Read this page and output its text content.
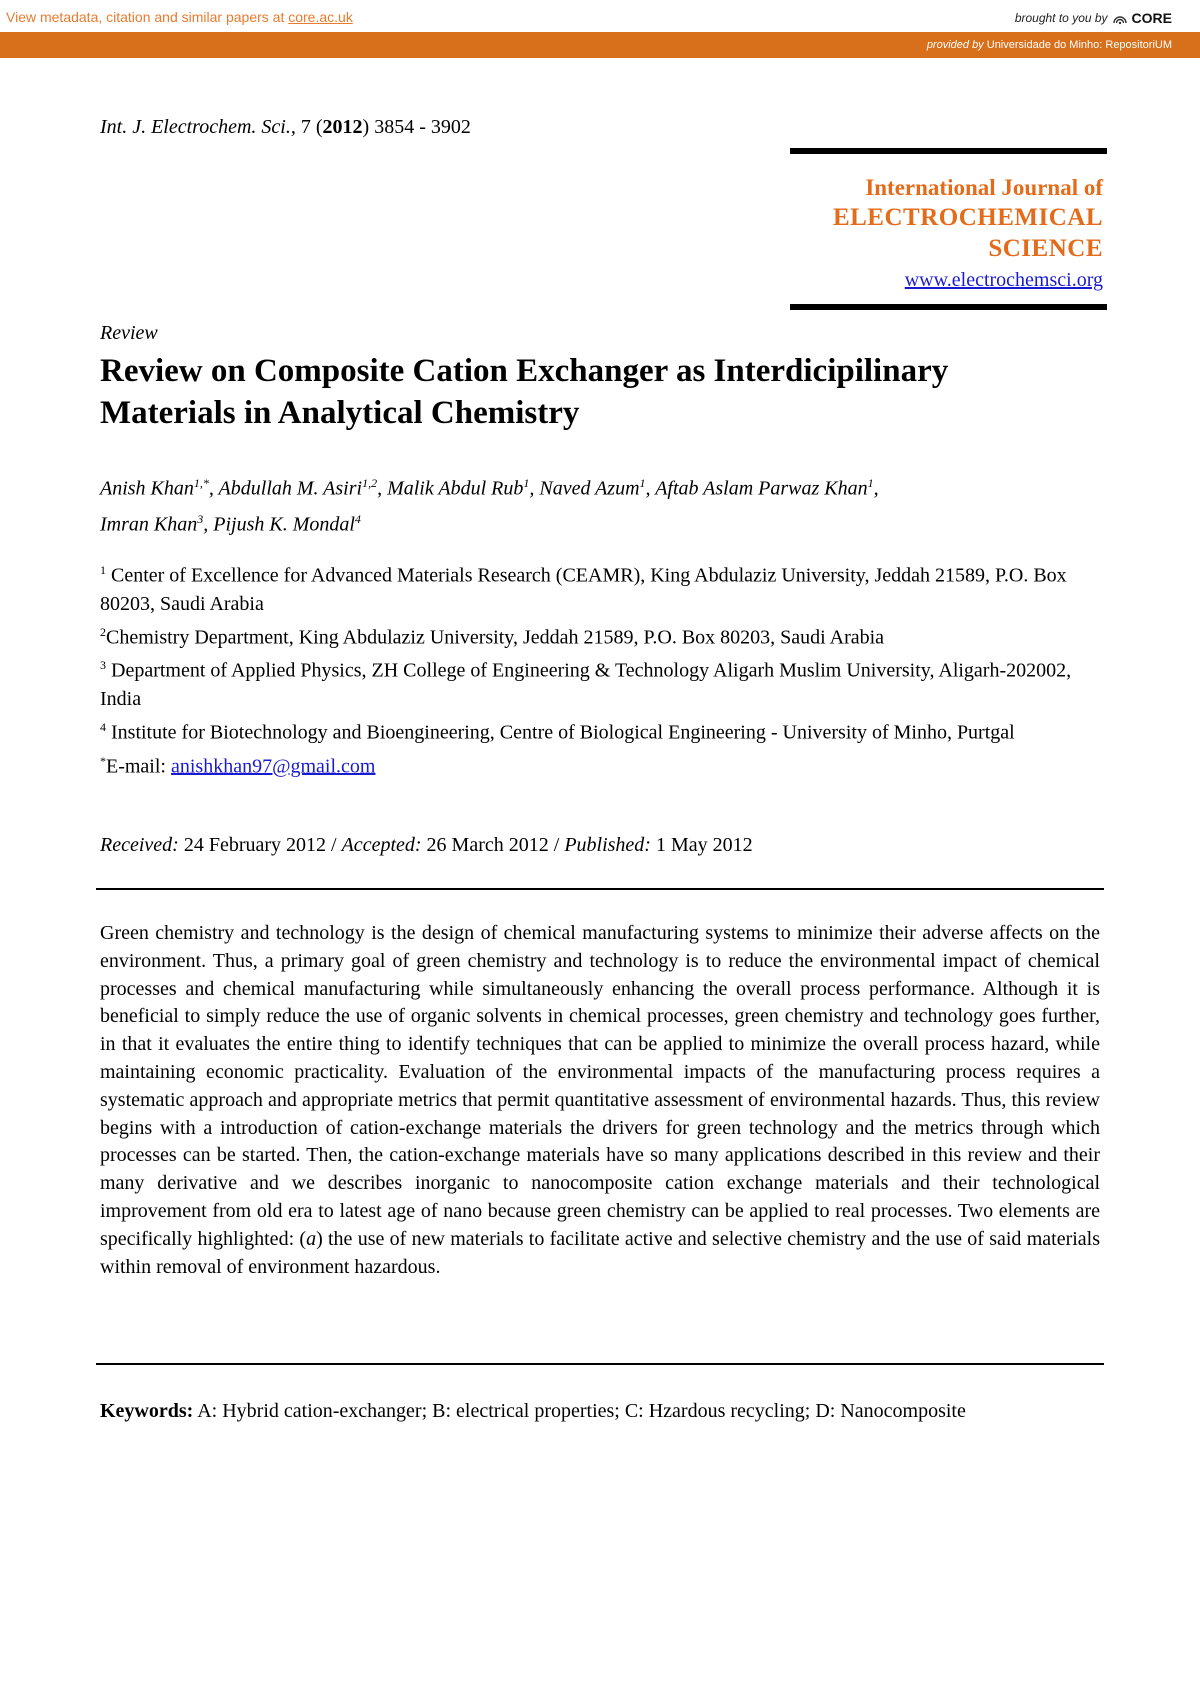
View metadata, citation and similar papers at core.ac.uk	brought to you by CORE
provided by Universidade do Minho: RepositoriUM
Int. J. Electrochem. Sci., 7 (2012) 3854 - 3902
International Journal of
ELECTROCHEMICAL
SCIENCE
www.electrochemsci.org
Review
Review on Composite Cation Exchanger as Interdicipilinary Materials in Analytical Chemistry
Anish Khan$^{1,*}$, Abdullah M. Asiri$^{1,2}$, Malik Abdul Rub$^1$, Naved Azum$^1$, Aftab Aslam Parwaz Khan$^1$,
Imran Khan$^3$, Pijush K. Mondal$^4$

$^1$ Center of Excellence for Advanced Materials Research (CEAMR), King Abdulaziz University, Jeddah 21589, P.O. Box 80203, Saudi Arabia

$^2$Chemistry Department, King Abdulaziz University, Jeddah 21589, P.O. Box 80203, Saudi Arabia

$^3$ Department of Applied Physics, ZH College of Engineering & Technology Aligarh Muslim University, Aligarh-202002, India

$^4$ Institute for Biotechnology and Bioengineering, Centre of Biological Engineering - University of Minho, Purtgal

*E-mail: anishkhan97@gmail.com

Received: 24 February 2012 / Accepted: 26 March 2012 / Published: 1 May 2012

Green chemistry and technology is the design of chemical manufacturing systems to minimize their adverse affects on the environment. Thus, a primary goal of green chemistry and technology is to reduce the environmental impact of chemical processes and chemical manufacturing while simultaneously enhancing the overall process performance. Although it is beneficial to simply reduce the use of organic solvents in chemical processes, green chemistry and technology goes further, in that it evaluates the entire thing to identify techniques that can be applied to minimize the overall process hazard, while maintaining economic practicality. Evaluation of the environmental impacts of the manufacturing process requires a systematic approach and appropriate metrics that permit quantitative assessment of environmental hazards. Thus, this review begins with a introduction of cation-exchange materials the drivers for green technology and the metrics through which processes can be started. Then, the cation-exchange materials have so many applications described in this review and their many derivative and we describes inorganic to nanocomposite cation exchange materials and their technological improvement from old era to latest age of nano because green chemistry can be applied to real processes. Two elements are specifically highlighted: (a) the use of new materials to facilitate active and selective chemistry and the use of said materials within removal of environment hazardous.

Keywords: A: Hybrid cation-exchanger; B: electrical properties; C: Hzardous recycling; D: Nanocomposite
